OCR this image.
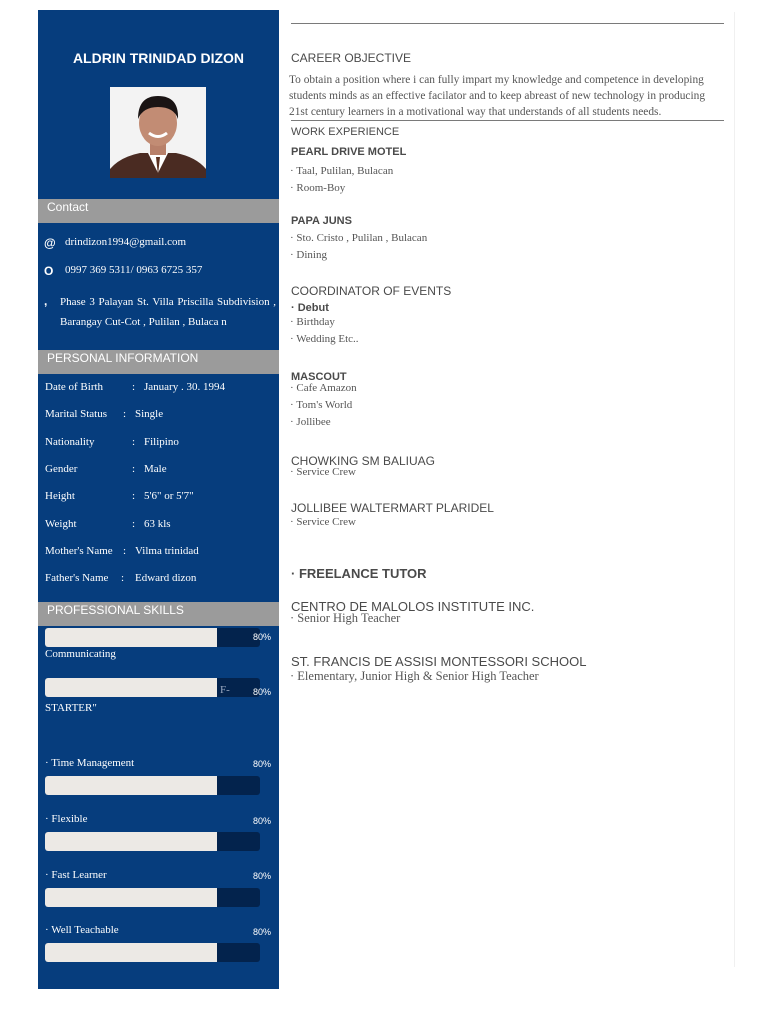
ALDRIN TRINIDAD DIZON
Contact
@ drindizon1994@gmail.com
O	0997 369 5311/ 0963 6725 357
,	Phase 3 Palayan St. Villa Priscilla Subdivision , Barangay Cut-Cot , Pulilan , Bulaca n
PERSONAL INFORMATION
Date of Birth	: January . 30. 1994
Marital Status : Single
Nationality	: Filipino
Gender	: Male
Height	: 5'6" or 5'7"
Weight	: 63 kls
Mother's Name : Vilma trinidad
Father's Name : Edward dizon
PROFESSIONAL SKILLS
80%
Communicating
F-	80%
STARTER"
· Time Management	80%
· Flexible	80%
· Fast Learner	80%
· Well Teachable	80%
CAREER OBJECTIVE
To obtain a position where i can fully impart my knowledge and competence in developing students minds as an effective facilator and to keep abreast of new technology in producing 21st century learners in a motivational way that understands of all students needs.
WORK EXPERIENCE
PEARL DRIVE MOTEL
· Taal, Pulilan, Bulacan
· Room-Boy
PAPA JUNS
· Sto. Cristo , Pulilan , Bulacan
· Dining
COORDINATOR OF EVENTS
· Debut
· Birthday
· Wedding Etc..
MASCOUT
· Cafe Amazon
· Tom's World
· Jollibee
CHOWKING SM BALIUAG
· Service Crew
JOLLIBEE WALTERMART PLARIDEL
· Service Crew
· FREELANCE TUTOR
CENTRO DE MALOLOS INSTITUTE INC.
· Senior High Teacher
ST. FRANCIS DE ASSISI MONTESSORI SCHOOL
· Elementary, Junior High & Senior High Teacher
